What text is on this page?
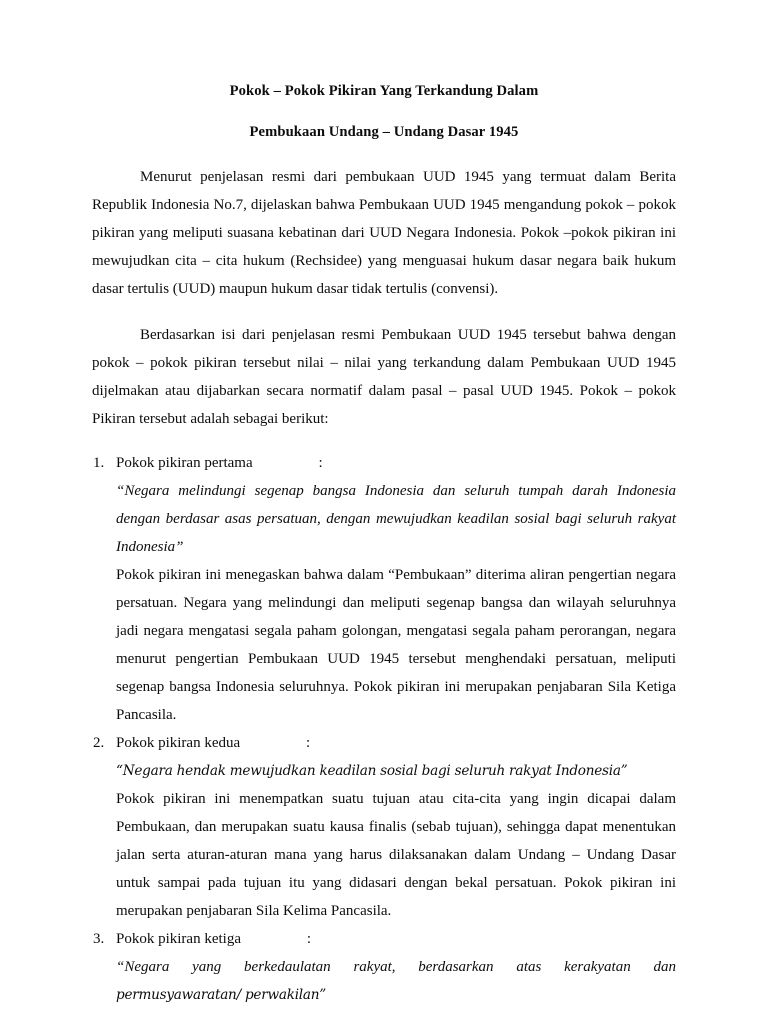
Pokok – Pokok Pikiran Yang Terkandung Dalam
Pembukaan Undang – Undang Dasar 1945

Menurut penjelasan resmi dari pembukaan UUD 1945 yang termuat dalam Berita Republik Indonesia No.7, dijelaskan bahwa Pembukaan UUD 1945 mengandung pokok – pokok pikiran yang meliputi suasana kebatinan dari UUD Negara Indonesia. Pokok –pokok pikiran ini mewujudkan cita – cita hukum (Rechsidee) yang menguasai hukum dasar negara baik hukum dasar tertulis (UUD) maupun hukum dasar tidak tertulis (convensi).

Berdasarkan isi dari penjelasan resmi Pembukaan UUD 1945 tersebut bahwa dengan pokok – pokok pikiran tersebut nilai – nilai yang terkandung dalam Pembukaan UUD 1945 dijelmakan atau dijabarkan secara normatif dalam pasal – pasal UUD 1945. Pokok – pokok Pikiran tersebut adalah sebagai berikut:

1. Pokok pikiran pertama	:

“Negara melindungi segenap bangsa Indonesia dan seluruh tumpah darah Indonesia dengan berdasar asas persatuan, dengan mewujudkan keadilan sosial bagi seluruh rakyat Indonesia”

Pokok pikiran ini menegaskan bahwa dalam “Pembukaan” diterima aliran pengertian negara persatuan. Negara yang melindungi dan meliputi segenap bangsa dan wilayah seluruhnya jadi negara mengatasi segala paham golongan, mengatasi segala paham perorangan, negara menurut pengertian Pembukaan UUD 1945 tersebut menghendaki persatuan, meliputi segenap bangsa Indonesia seluruhnya. Pokok pikiran ini merupakan penjabaran Sila Ketiga Pancasila.

2. Pokok pikiran kedua	:

“Negara hendak mewujudkan keadilan sosial bagi seluruh rakyat Indonesia”

Pokok pikiran ini menempatkan suatu tujuan atau cita-cita yang ingin dicapai dalam Pembukaan, dan merupakan suatu kausa finalis (sebab tujuan), sehingga dapat menentukan jalan serta aturan-aturan mana yang harus dilaksanakan dalam Undang – Undang Dasar untuk sampai pada tujuan itu yang didasari dengan bekal persatuan. Pokok pikiran ini merupakan penjabaran Sila Kelima Pancasila.

3. Pokok pikiran ketiga	:

“Negara yang berkedaulatan rakyat, berdasarkan atas kerakyatan dan

permusyawaratan/ perwakilan”
